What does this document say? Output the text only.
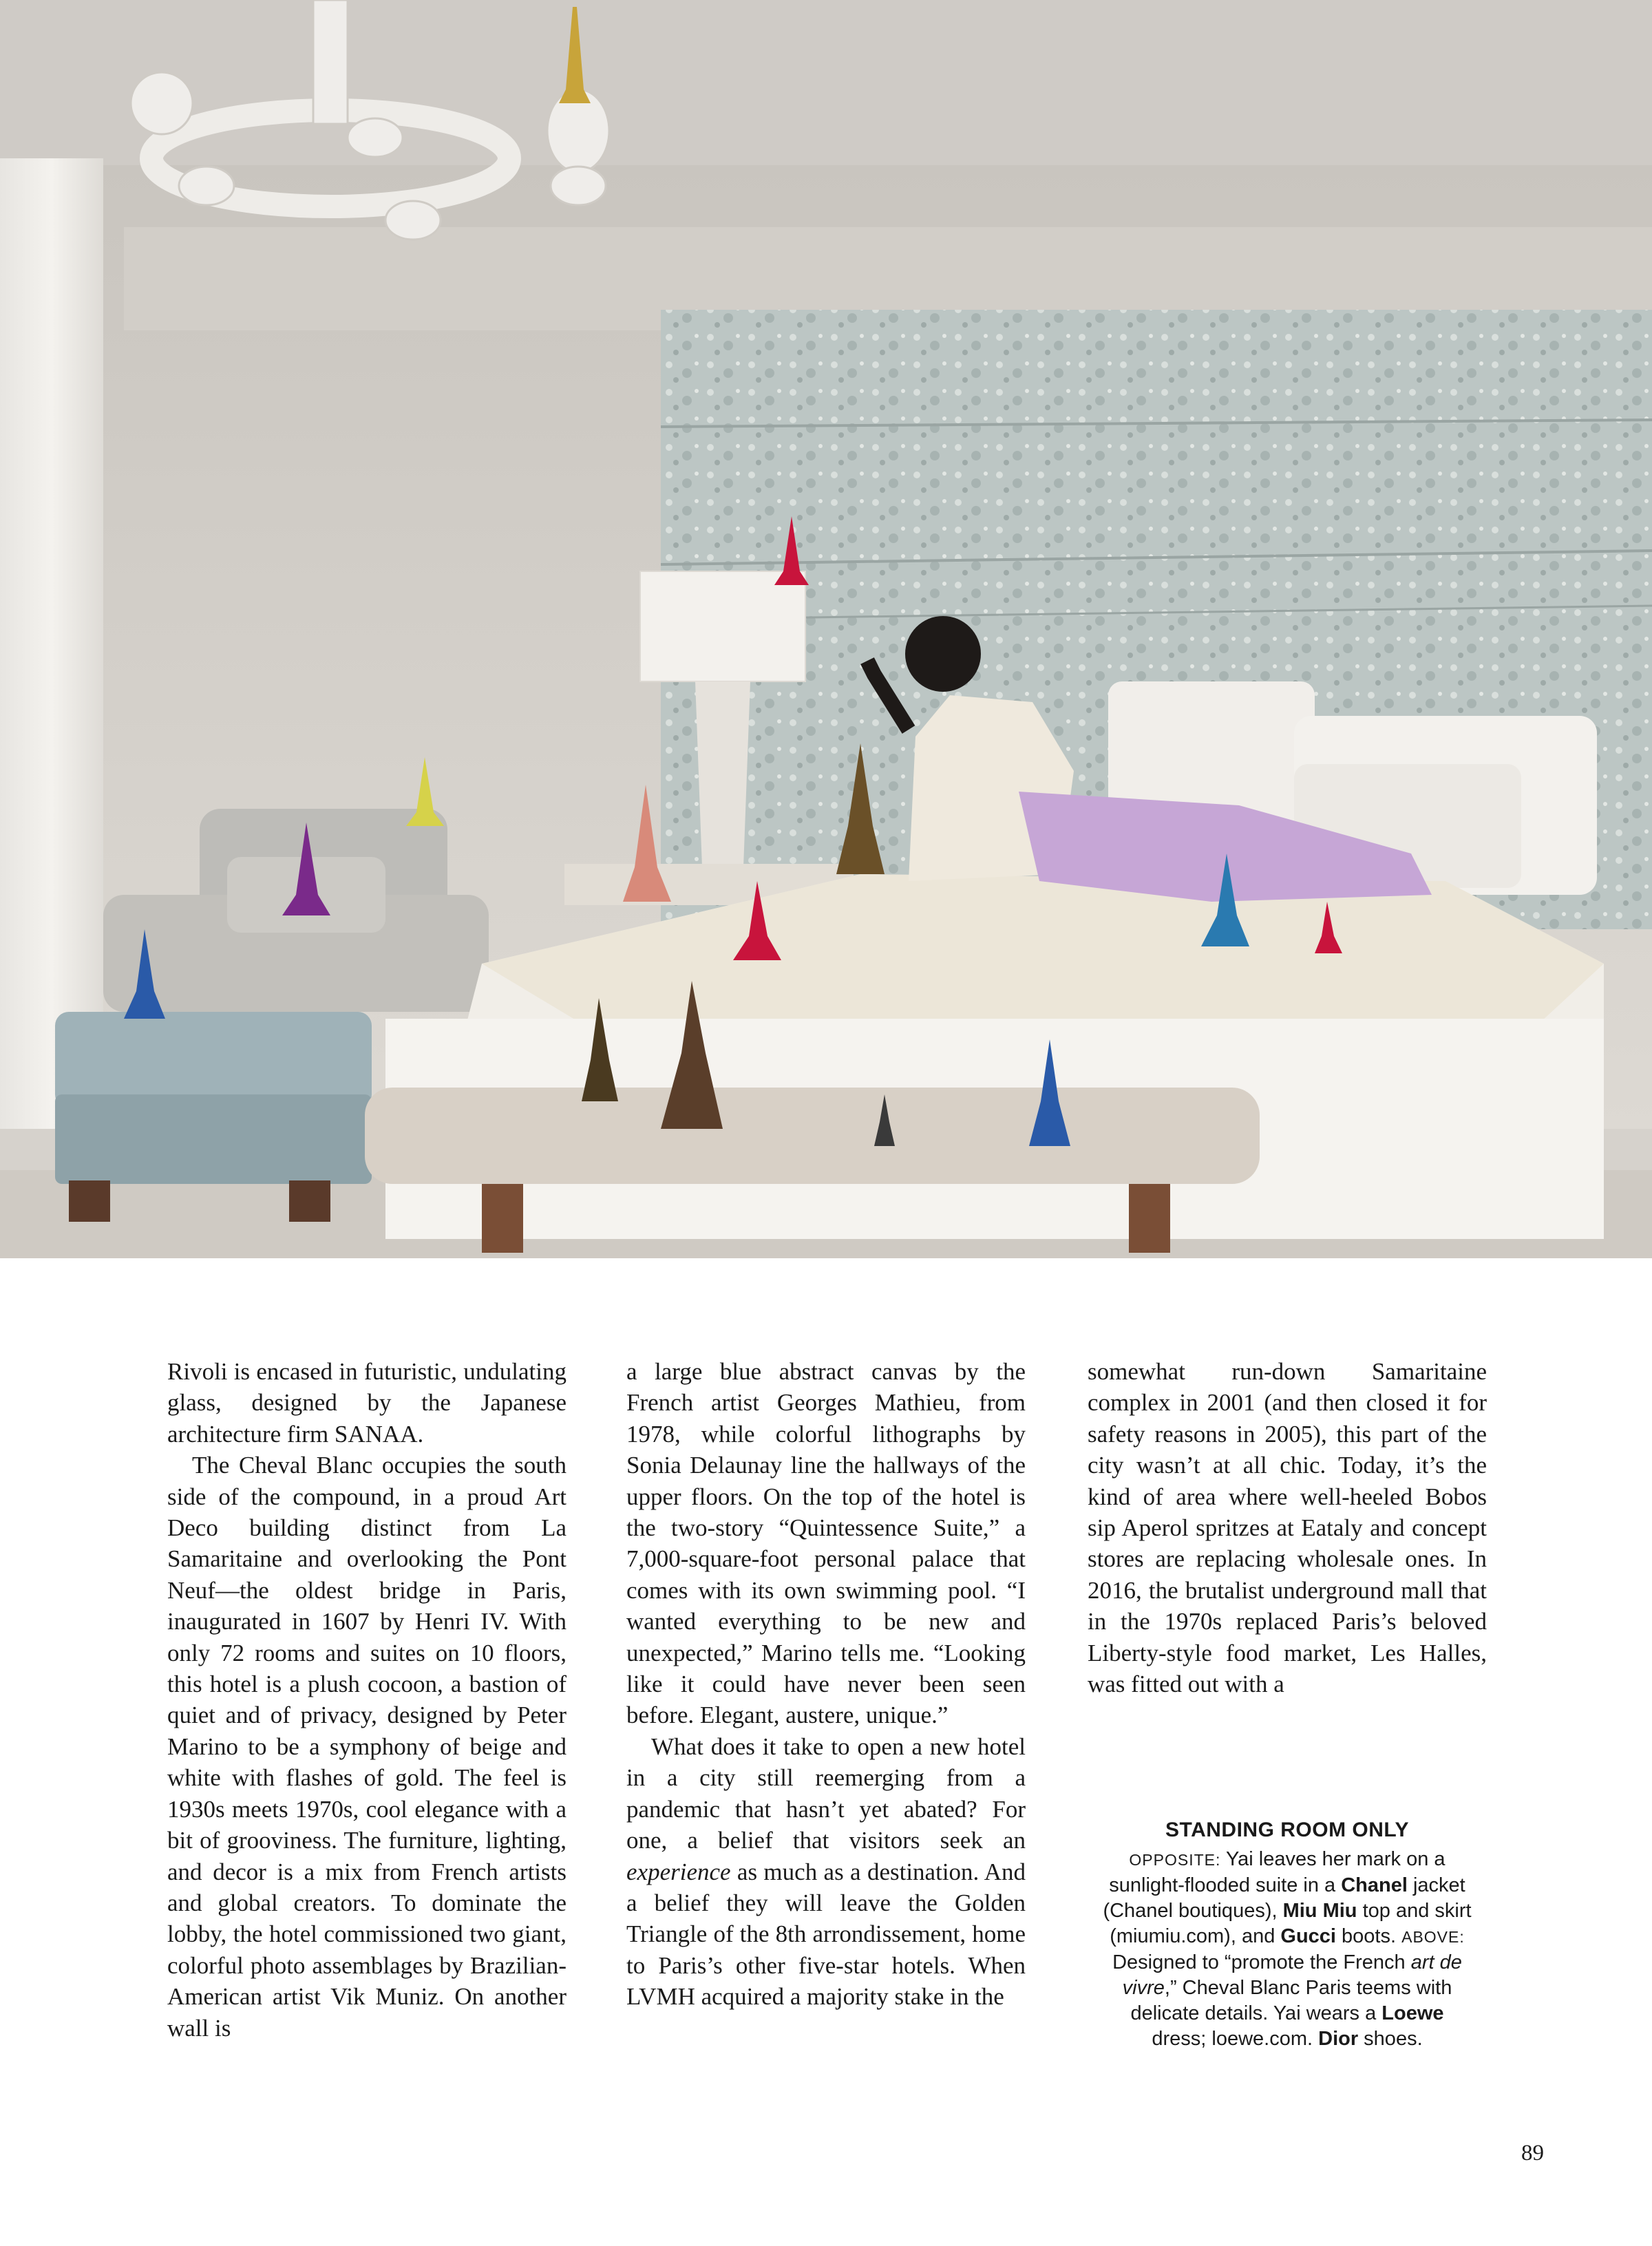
Rivoli is encased in futuristic, undulating glass, designed by the Japanese architecture firm SANAA.

The Cheval Blanc occupies the south side of the compound, in a proud Art Deco building distinct from La Samaritaine and overlooking the Pont Neuf—the oldest bridge in Paris, inaugurated in 1607 by Henri IV. With only 72 rooms and suites on 10 floors, this hotel is a plush cocoon, a bastion of quiet and of privacy, designed by Peter Marino to be a symphony of beige and white with flashes of gold. The feel is 1930s meets 1970s, cool elegance with a bit of grooviness. The furniture, lighting, and decor is a mix from French artists and global creators. To dominate the lobby, the hotel commissioned two giant, colorful photo assemblages by Brazilian-American artist Vik Muniz. On another wall is

a large blue abstract canvas by the French artist Georges Mathieu, from 1978, while colorful lithographs by Sonia Delaunay line the hallways of the upper floors. On the top of the hotel is the two-story “Quintessence Suite,” a 7,000-square-foot personal palace that comes with its own swimming pool. “I wanted everything to be new and unexpected,” Marino tells me. “Looking like it could have never been seen before. Elegant, austere, unique.”

What does it take to open a new hotel in a city still reemerging from a pandemic that hasn’t yet abated? For one, a belief that visitors seek an experience as much as a destination. And a belief they will leave the Golden Triangle of the 8th arrondissement, home to Paris’s other five-star hotels. When LVMH acquired a majority stake in the

somewhat run-down Samaritaine complex in 2001 (and then closed it for safety reasons in 2005), this part of the city wasn’t at all chic. Today, it’s the kind of area where well-heeled Bobos sip Aperol spritzes at Eataly and concept stores are replacing wholesale ones. In 2016, the brutalist underground mall that in the 1970s replaced Paris’s beloved Liberty-style food market, Les Halles, was fitted out with a

STANDING ROOM ONLY
OPPOSITE: Yai leaves her mark on a sunlight-flooded suite in a Chanel jacket (Chanel boutiques), Miu Miu top and skirt (miumiu.com), and Gucci boots. ABOVE: Designed to “promote the French art de vivre,” Cheval Blanc Paris teems with delicate details. Yai wears a Loewe dress; loewe.com. Dior shoes.
89
